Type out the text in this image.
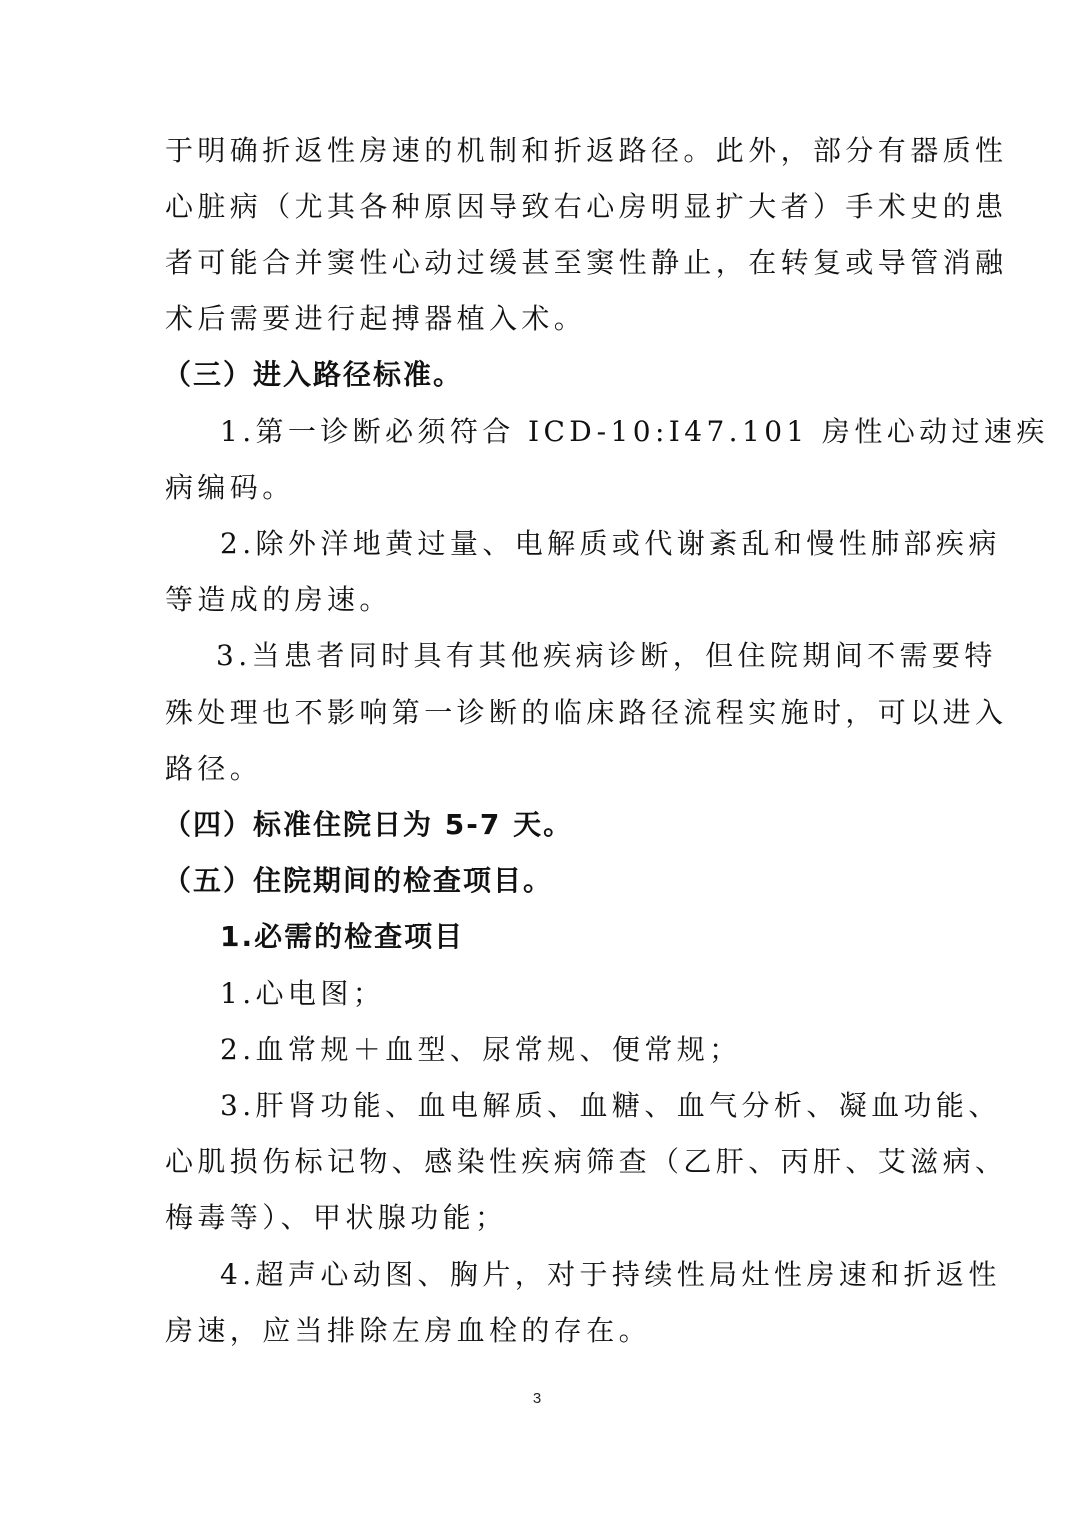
于明确折返性房速的机制和折返路径。此外，部分有器质性
心脏病（尤其各种原因导致右心房明显扩大者）手术史的患
者可能合并窦性心动过缓甚至窦性静止，在转复或导管消融
术后需要进行起搏器植入术。
（三）进入路径标准。
1.第一诊断必须符合 ICD-10:I47.101 房性心动过速疾
病编码。
2.除外洋地黄过量、电解质或代谢紊乱和慢性肺部疾病
等造成的房速。
3.当患者同时具有其他疾病诊断，但住院期间不需要特
殊处理也不影响第一诊断的临床路径流程实施时，可以进入
路径。
（四）标准住院日为 5-7 天。
（五）住院期间的检查项目。
1.必需的检查项目
1.心电图；
2.血常规＋血型、尿常规、便常规；
3.肝肾功能、血电解质、血糖、血气分析、凝血功能、
心肌损伤标记物、感染性疾病筛查（乙肝、丙肝、艾滋病、
梅毒等）、甲状腺功能；
4.超声心动图、胸片，对于持续性局灶性房速和折返性
房速，应当排除左房血栓的存在。
3
